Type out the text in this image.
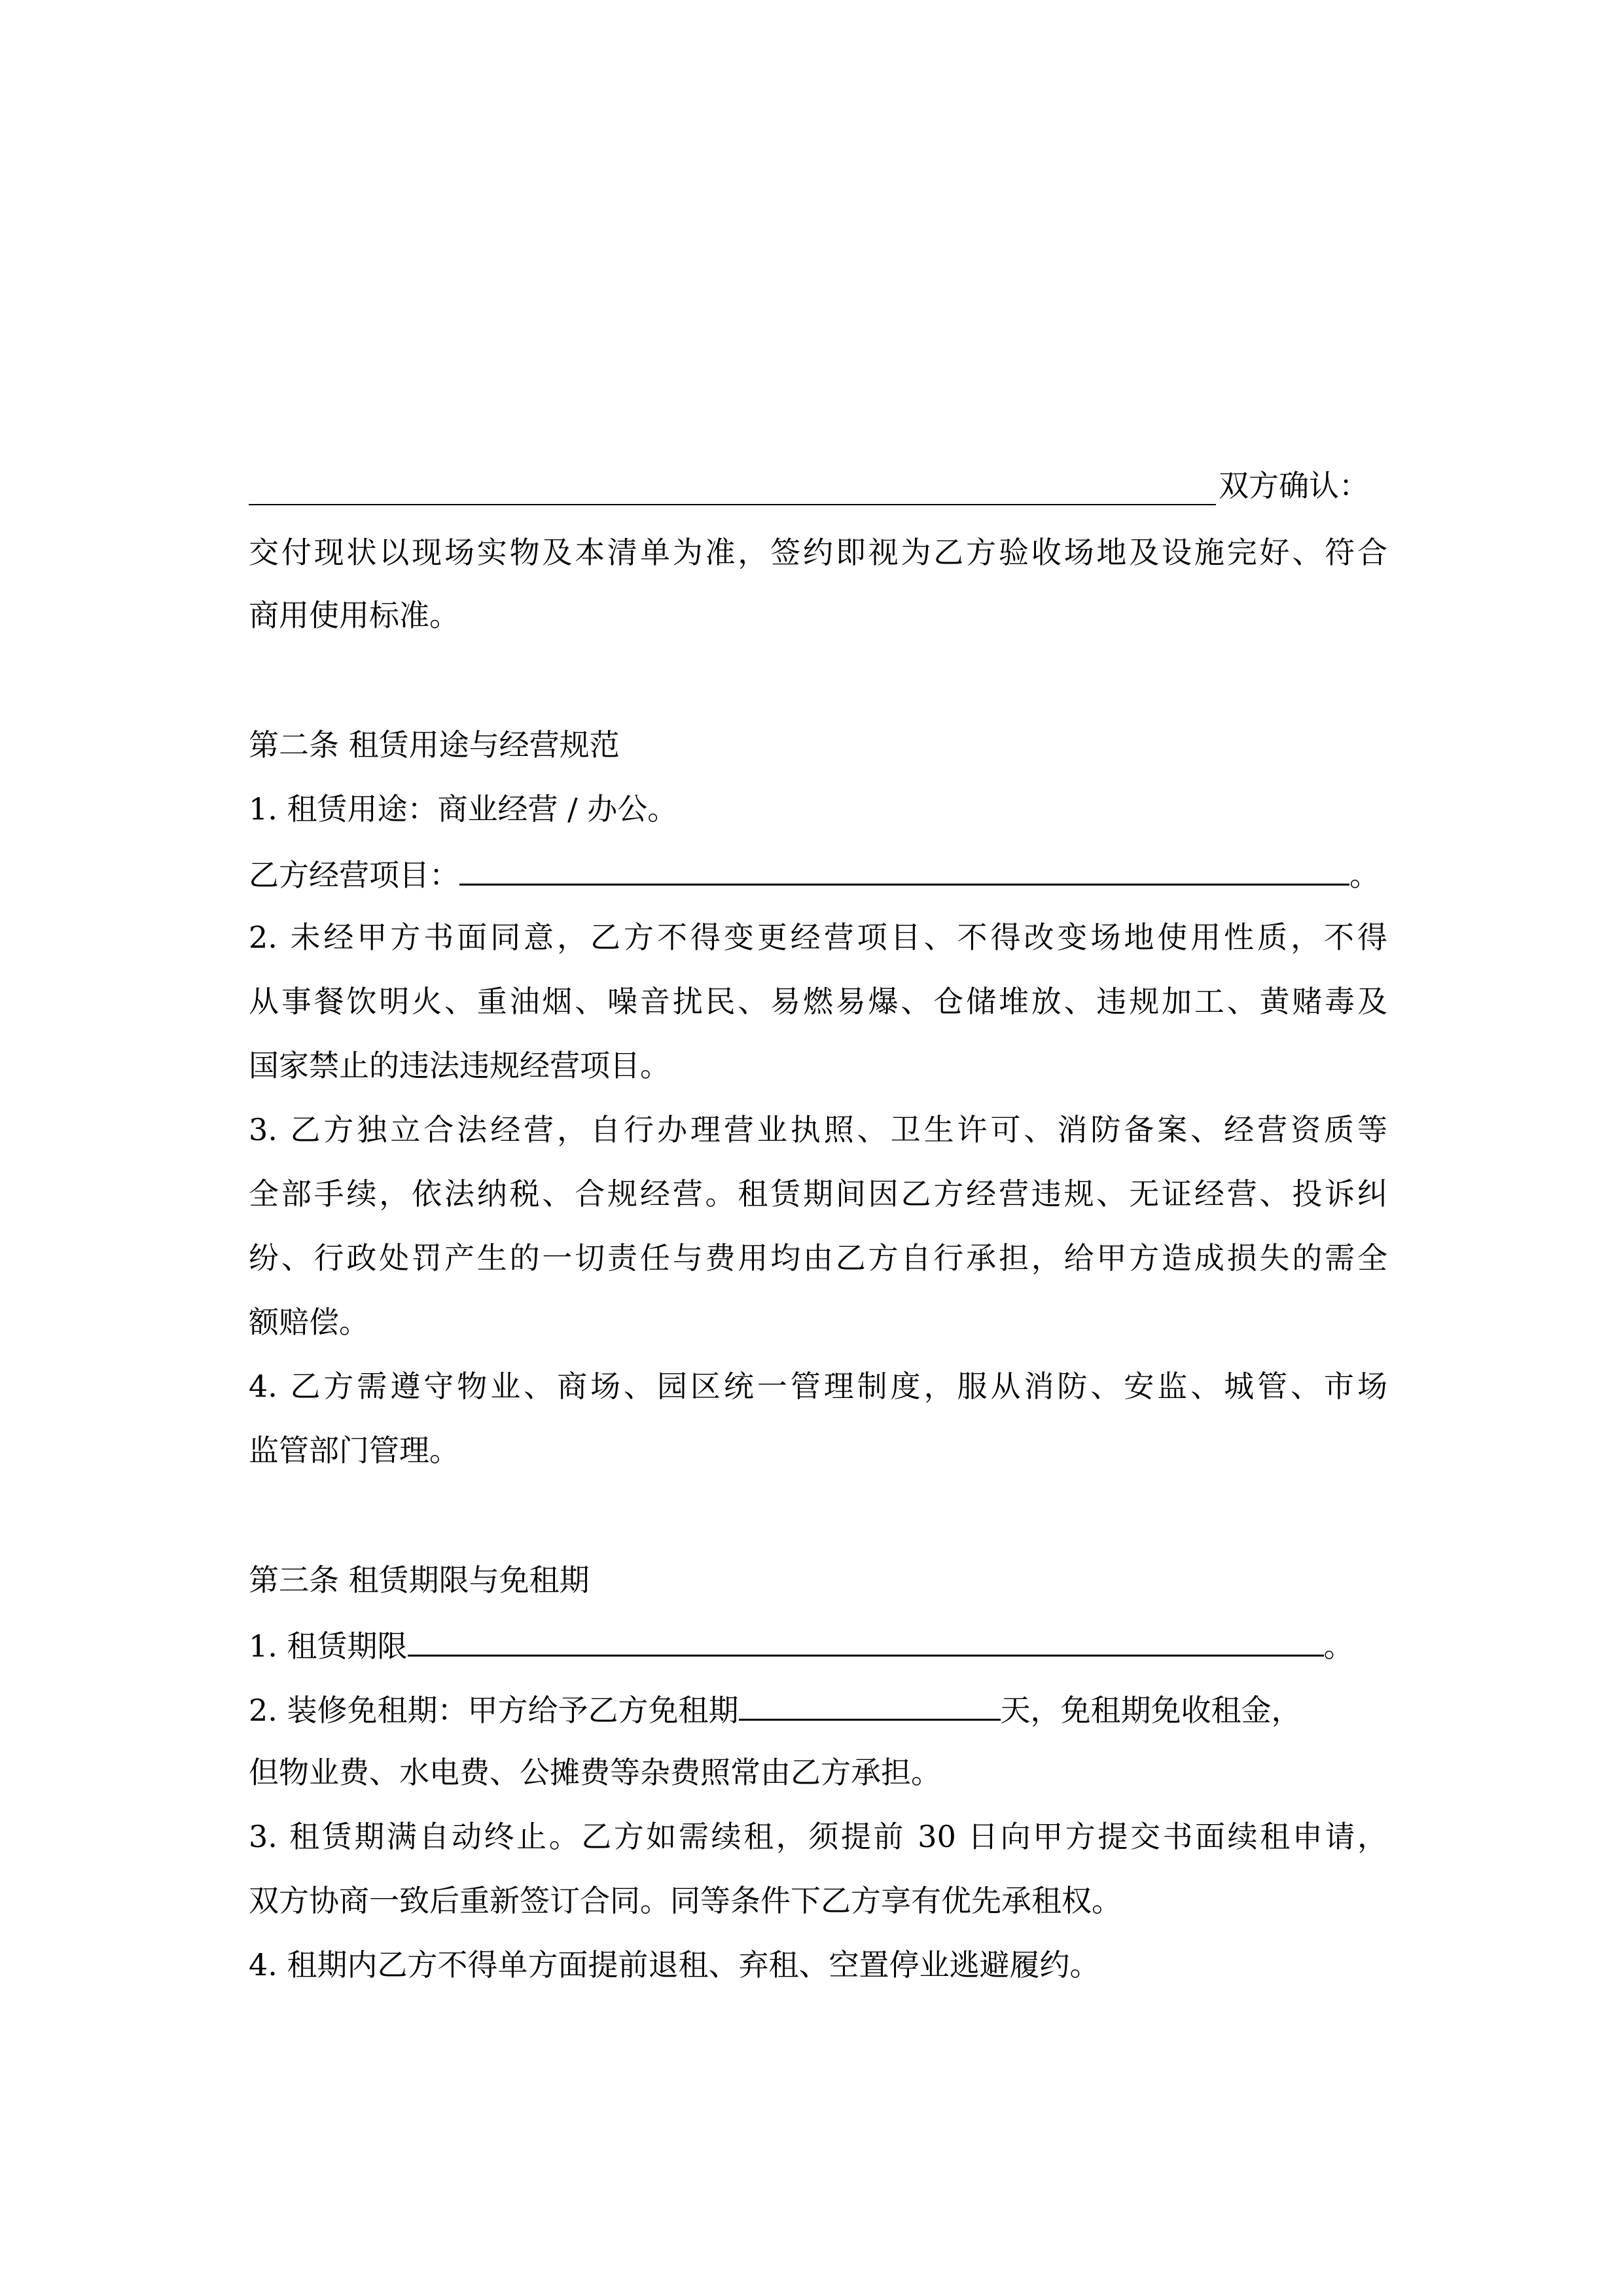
双方确认：
交付现状以现场实物及本清单为准，签约即视为乙方验收场地及设施完好、符合
商用使用标准。
第二条 租赁用途与经营规范
1. 租赁用途：商业经营 / 办公。
乙方经营项目：	。
2. 未经甲方书面同意，乙方不得变更经营项目、不得改变场地使用性质，不得
从事餐饮明火、重油烟、噪音扰民、易燃易爆、仓储堆放、违规加工、黄赌毒及
国家禁止的违法违规经营项目。
3. 乙方独立合法经营，自行办理营业执照、卫生许可、消防备案、经营资质等
全部手续，依法纳税、合规经营。租赁期间因乙方经营违规、无证经营、投诉纠
纷、行政处罚产生的一切责任与费用均由乙方自行承担，给甲方造成损失的需全
额赔偿。
4. 乙方需遵守物业、商场、园区统一管理制度，服从消防、安监、城管、市场
监管部门管理。
第三条 租赁期限与免租期
1. 租赁期限	。
2. 装修免租期：甲方给予乙方免租期	天，免租期免收租金，
但物业费、水电费、公摊费等杂费照常由乙方承担。
3. 租赁期满自动终止。乙方如需续租，须提前 30 日向甲方提交书面续租申请，
双方协商一致后重新签订合同。同等条件下乙方享有优先承租权。
4. 租期内乙方不得单方面提前退租、弃租、空置停业逃避履约。
